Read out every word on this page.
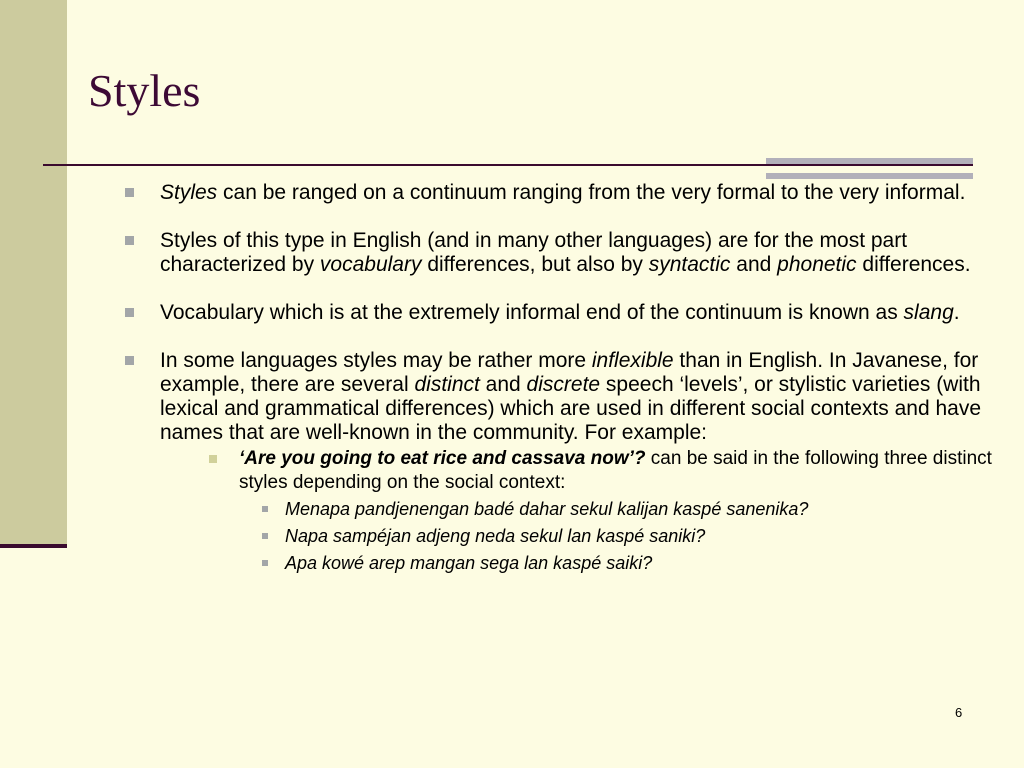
Styles
Styles can be ranged on a continuum ranging from the very formal to the very informal.
Styles of this type in English (and in many other languages) are for the most part characterized by vocabulary differences, but also by syntactic and phonetic differences.
Vocabulary which is at the extremely informal end of the continuum is known as slang.
In some languages styles may be rather more inflexible than in English. In Javanese, for example, there are several distinct and discrete speech ‘levels’, or stylistic varieties (with lexical and grammatical differences) which are used in different social contexts and have names that are well-known in the community. For example:
‘Are you going to eat rice and cassava now’? can be said in the following three distinct styles depending on the social context:
Menapa pandjenengan badé dahar sekul kalijan kaspé sanenika?
Napa sampéjan adjeng neda sekul lan kaspé saniki?
Apa kowé arep mangan sega lan kaspé saiki?
6
